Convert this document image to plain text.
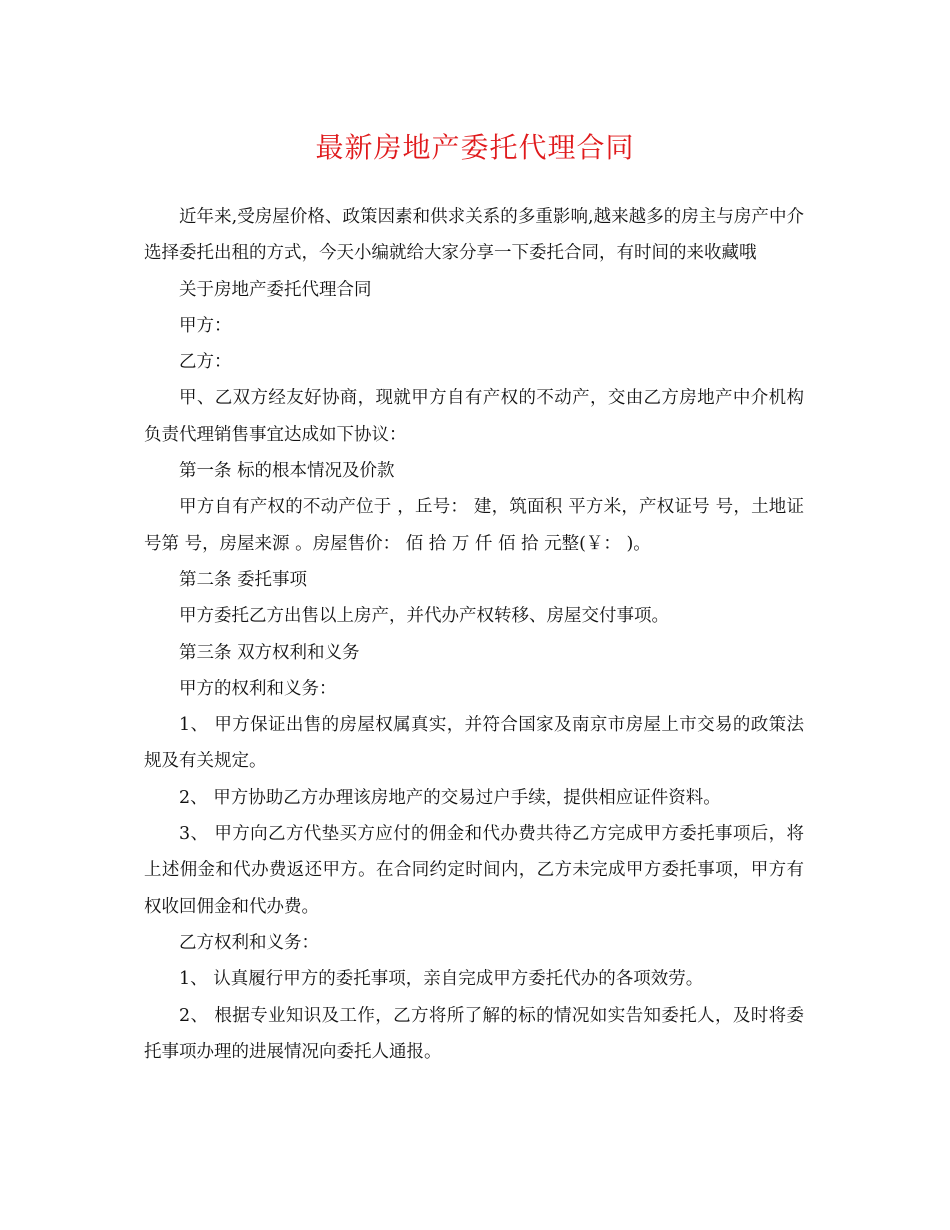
最新房地产委托代理合同

近年来,受房屋价格、政策因素和供求关系的多重影响,越来越多的房主与房产中介选择委托出租的方式，今天小编就给大家分享一下委托合同，有时间的来收藏哦

关于房地产委托代理合同

甲方：

乙方：

甲、乙双方经友好协商，现就甲方自有产权的不动产，交由乙方房地产中介机构负责代理销售事宜达成如下协议：

第一条 标的根本情况及价款

甲方自有产权的不动产位于 ，丘号： 建，筑面积 平方米，产权证号 号，土地证号第 号，房屋来源 。房屋售价： 佰 拾 万 仟 佰 拾 元整(￥： )。

第二条 委托事项

甲方委托乙方出售以上房产，并代办产权转移、房屋交付事项。

第三条 双方权利和义务

甲方的权利和义务：

1、 甲方保证出售的房屋权属真实，并符合国家及南京市房屋上市交易的政策法规及有关规定。

2、 甲方协助乙方办理该房地产的交易过户手续，提供相应证件资料。

3、 甲方向乙方代垫买方应付的佣金和代办费共待乙方完成甲方委托事项后，将上述佣金和代办费返还甲方。在合同约定时间内，乙方未完成甲方委托事项，甲方有权收回佣金和代办费。

乙方权利和义务：

1、 认真履行甲方的委托事项，亲自完成甲方委托代办的各项效劳。

2、 根据专业知识及工作，乙方将所了解的标的情况如实告知委托人，及时将委托事项办理的进展情况向委托人通报。
